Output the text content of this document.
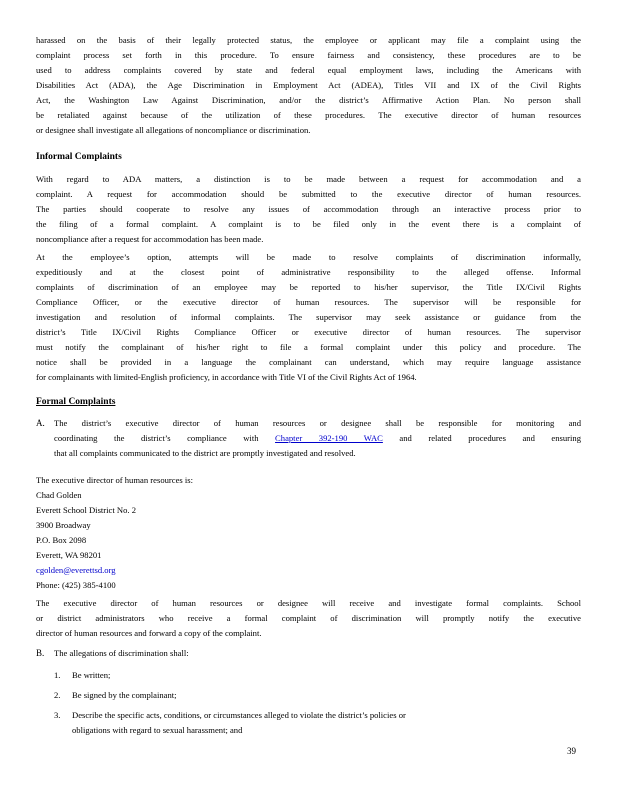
harassed on the basis of their legally protected status, the employee or applicant may file a complaint using the
complaint process set forth in this procedure. To ensure fairness and consistency, these procedures are to be
used to address complaints covered by state and federal equal employment laws, including the Americans with
Disabilities Act (ADA), the Age Discrimination in Employment Act (ADEA), Titles VII and IX of the Civil Rights
Act, the Washington Law Against Discrimination, and/or the district’s Affirmative Action Plan. No person shall
be retaliated against because of the utilization of these procedures. The executive director of human resources
or designee shall investigate all allegations of noncompliance or discrimination.
Informal Complaints
With regard to ADA matters, a distinction is to be made between a request for accommodation and a
complaint. A request for accommodation should be submitted to the executive director of human resources.
The parties should cooperate to resolve any issues of accommodation through an interactive process prior to
the filing of a formal complaint. A complaint is to be filed only in the event there is a complaint of
noncompliance after a request for accommodation has been made.
At the employee’s option, attempts will be made to resolve complaints of discrimination informally,
expeditiously and at the closest point of administrative responsibility to the alleged offense. Informal
complaints of discrimination of an employee may be reported to his/her supervisor, the Title IX/Civil Rights
Compliance Officer, or the executive director of human resources. The supervisor will be responsible for
investigation and resolution of informal complaints. The supervisor may seek assistance or guidance from the
district’s Title IX/Civil Rights Compliance Officer or executive director of human resources. The supervisor
must notify the complainant of his/her right to file a formal complaint under this policy and procedure. The
notice shall be provided in a language the complainant can understand, which may require language assistance
for complainants with limited-English proficiency, in accordance with Title VI of the Civil Rights Act of 1964.
Formal Complaints
A. The district’s executive director of human resources or designee shall be responsible for monitoring and
coordinating the district’s compliance with Chapter 392-190 WAC and related procedures and ensuring
that all complaints communicated to the district are promptly investigated and resolved.
The executive director of human resources is:
Chad Golden
Everett School District No. 2
3900 Broadway
P.O. Box 2098
Everett, WA 98201
cgolden@everettsd.org
Phone: (425) 385-4100
The executive director of human resources or designee will receive and investigate formal complaints. School
or district administrators who receive a formal complaint of discrimination will promptly notify the executive
director of human resources and forward a copy of the complaint.
B. The allegations of discrimination shall:
1. Be written;
2. Be signed by the complainant;
3. Describe the specific acts, conditions, or circumstances alleged to violate the district’s policies or
obligations with regard to sexual harassment; and
39
